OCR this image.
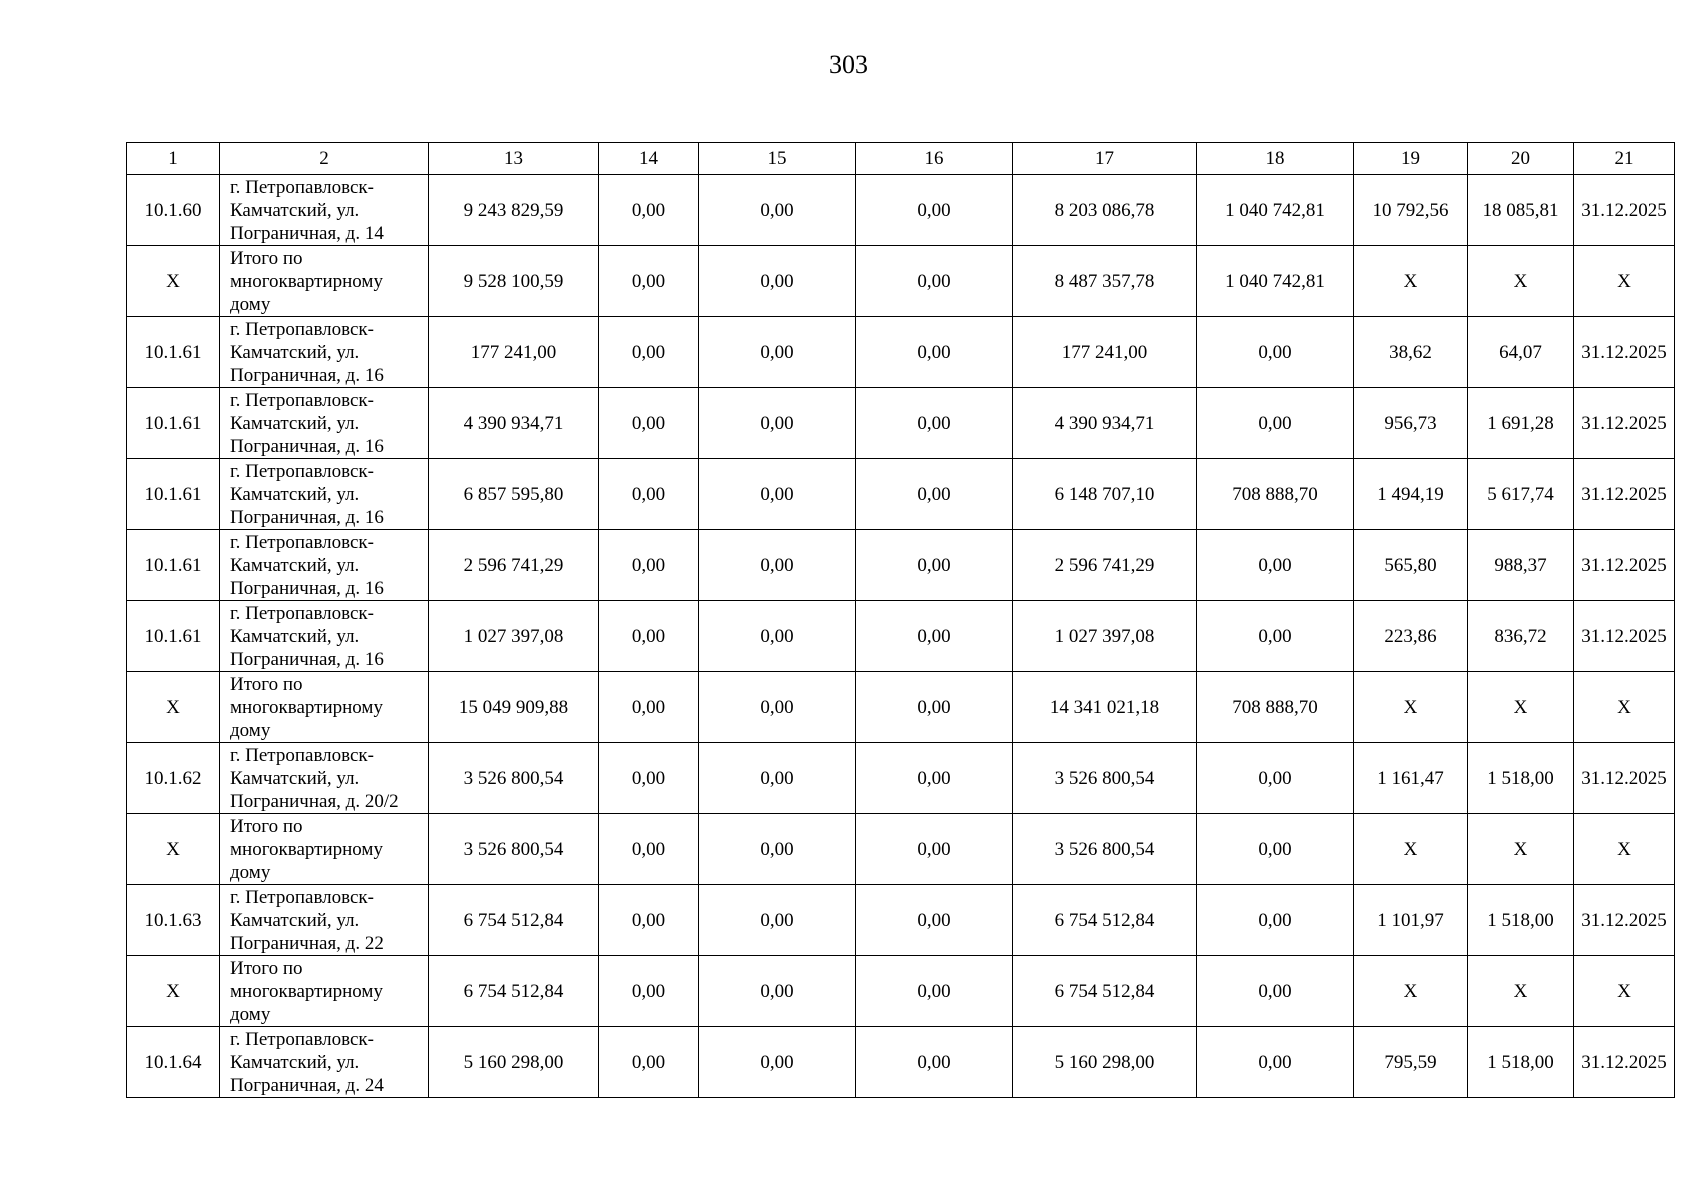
303
1	2	13	14	15	16	17	18	19	20	21
10.1.60	г. Петропавловск-
Камчатский, ул.
Пограничная, д. 14	9 243 829,59	0,00	0,00	0,00	8 203 086,78	1 040 742,81	10 792,56	18 085,81	31.12.2025
X	Итого по
многоквартирному
дому	9 528 100,59	0,00	0,00	0,00	8 487 357,78	1 040 742,81	X	X	X
10.1.61	г. Петропавловск-
Камчатский, ул.
Пограничная, д. 16	177 241,00	0,00	0,00	0,00	177 241,00	0,00	38,62	64,07	31.12.2025
10.1.61	г. Петропавловск-
Камчатский, ул.
Пограничная, д. 16	4 390 934,71	0,00	0,00	0,00	4 390 934,71	0,00	956,73	1 691,28	31.12.2025
10.1.61	г. Петропавловск-
Камчатский, ул.
Пограничная, д. 16	6 857 595,80	0,00	0,00	0,00	6 148 707,10	708 888,70	1 494,19	5 617,74	31.12.2025
10.1.61	г. Петропавловск-
Камчатский, ул.
Пограничная, д. 16	2 596 741,29	0,00	0,00	0,00	2 596 741,29	0,00	565,80	988,37	31.12.2025
10.1.61	г. Петропавловск-
Камчатский, ул.
Пограничная, д. 16	1 027 397,08	0,00	0,00	0,00	1 027 397,08	0,00	223,86	836,72	31.12.2025
X	Итого по
многоквартирному
дому	15 049 909,88	0,00	0,00	0,00	14 341 021,18	708 888,70	X	X	X
10.1.62	г. Петропавловск-
Камчатский, ул.
Пограничная, д. 20/2	3 526 800,54	0,00	0,00	0,00	3 526 800,54	0,00	1 161,47	1 518,00	31.12.2025
X	Итого по
многоквартирному
дому	3 526 800,54	0,00	0,00	0,00	3 526 800,54	0,00	X	X	X
10.1.63	г. Петропавловск-
Камчатский, ул.
Пограничная, д. 22	6 754 512,84	0,00	0,00	0,00	6 754 512,84	0,00	1 101,97	1 518,00	31.12.2025
X	Итого по
многоквартирному
дому	6 754 512,84	0,00	0,00	0,00	6 754 512,84	0,00	X	X	X
10.1.64	г. Петропавловск-
Камчатский, ул.
Пограничная, д. 24	5 160 298,00	0,00	0,00	0,00	5 160 298,00	0,00	795,59	1 518,00	31.12.2025
